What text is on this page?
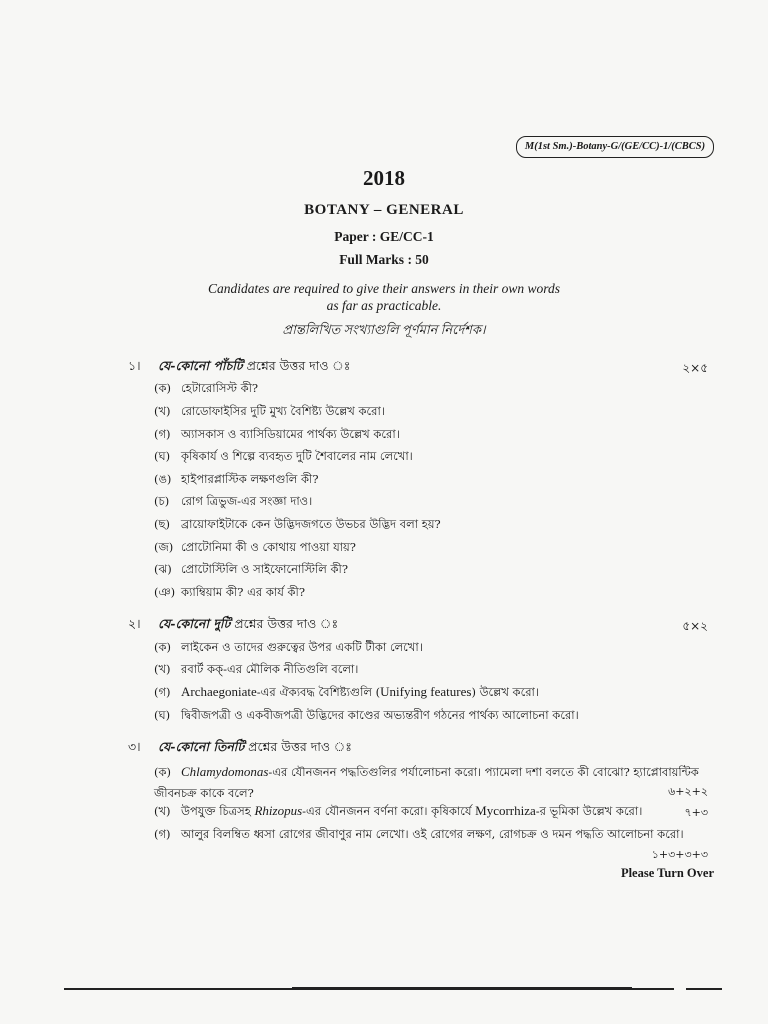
M(1st Sm.)-Botany-G/(GE/CC)-1/(CBCS)
2018
BOTANY – GENERAL
Paper : GE/CC-1
Full Marks : 50
Candidates are required to give their answers in their own words
as far as practicable.
প্রান্তলিখিত সংখ্যাগুলি পূর্ণমান নির্দেশক।
১। যে-কোনো পাঁচটি প্রশ্নের উত্তর দাও ঃ	২×৫
(ক) হেটারোসিস্ট কী?
(খ) রোডোফাইসির দুটি মুখ্য বৈশিষ্ট্য উল্লেখ করো।
(গ) অ্যাসকাস ও ব্যাসিডিয়ামের পার্থক্য উল্লেখ করো।
(ঘ) কৃষিকার্য ও শিল্পে ব্যবহৃত দুটি শৈবালের নাম লেখো।
(ঙ) হাইপারপ্লাস্টিক লক্ষণগুলি কী?
(চ) রোগ ত্রিভুজ-এর সংজ্ঞা দাও।
(ছ) ব্রায়োফাইটাকে কেন উদ্ভিদজগতে উভচর উদ্ভিদ বলা হয়?
(জ) প্রোটোনিমা কী ও কোথায় পাওয়া যায়?
(ঝ) প্রোটোস্টিলি ও সাইফোনোস্টিলি কী?
(ঞ) ক্যাম্বিয়াম কী? এর কার্য কী?
২। যে-কোনো দুটি প্রশ্নের উত্তর দাও ঃ	৫×২
(ক) লাইকেন ও তাদের গুরুত্বের উপর একটি টীকা লেখো।
(খ) রবার্ট কক্-এর মৌলিক নীতিগুলি বলো।
(গ) Archaegoniate-এর ঐক্যবদ্ধ বৈশিষ্ট্যগুলি (Unifying features) উল্লেখ করো।
(ঘ) দ্বিবীজপত্রী ও একবীজপত্রী উদ্ভিদের কাণ্ডের অভ্যন্তরীণ গঠনের পার্থক্য আলোচনা করো।
৩। যে-কোনো তিনটি প্রশ্নের উত্তর দাও ঃ
(ক) Chlamydomonas-এর যৌনজনন পদ্ধতিগুলির পর্যালোচনা করো। প্যামেলা দশা বলতে কী বোঝো? হ্যাপ্লোবায়ন্টিক জীবনচক্র কাকে বলে?	৬+২+২
(খ) উপযুক্ত চিত্রসহ Rhizopus-এর যৌনজনন বর্ণনা করো। কৃষিকার্যে Mycorrhiza-র ভূমিকা উল্লেখ করো।	৭+৩
(গ) আলুর বিলম্বিত ধ্বসা রোগের জীবাণুর নাম লেখো। ওই রোগের লক্ষণ, রোগচক্র ও দমন পদ্ধতি আলোচনা করো।
১+৩+৩+৩
Please Turn Over
